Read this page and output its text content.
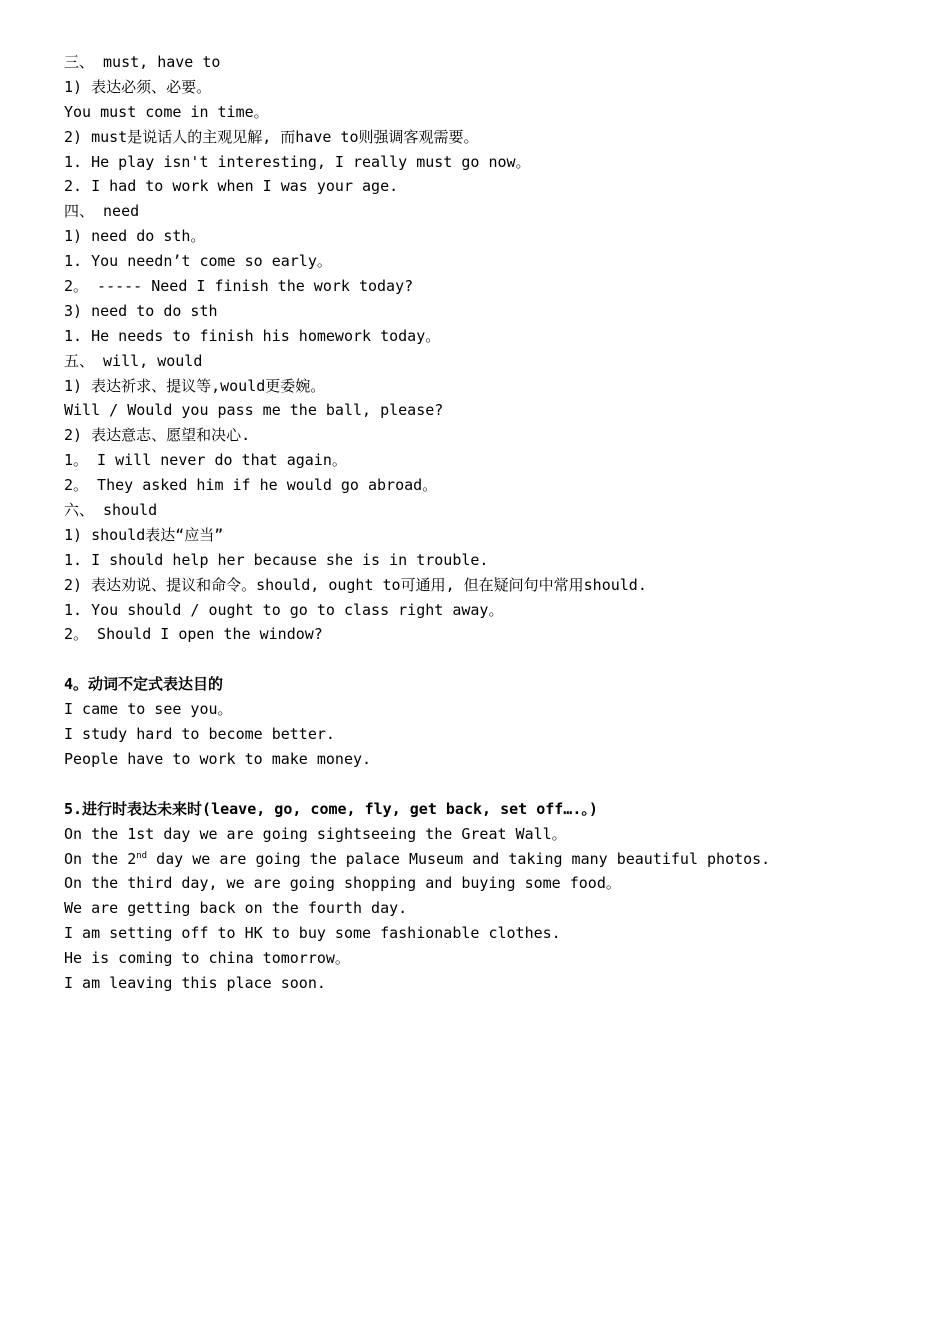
三、 must, have to
1) 表达必须、必要。
You must come in time。
2) must是说话人的主观见解, 而have to则强调客观需要。
1. He play isn't interesting, I really must go now。
2. I had to work when I was your age.
四、 need
1) need do sth。
1. You needn’t come so early。
2。 ----- Need I finish the work today?
3) need to do sth
1. He needs to finish his homework today。
五、 will, would
1) 表达祈求、提议等,would更委婉。
Will / Would you pass me the ball, please?
2) 表达意志、愿望和决心.
1。 I will never do that again。
2。 They asked him if he would go abroad。
六、 should
1) should表达“应当”
1. I should help her because she is in trouble.
2) 表达劝说、提议和命令。should, ought to可通用, 但在疑问句中常用should.
1. You should / ought to go to class right away。
2。 Should I open the window?
4。动词不定式表达目的
I came to see you。
I study hard to become better.
People have to work to make money.
5.进行时表达未来时(leave, go, come, fly, get back, set off….。)
On the 1st day we are going sightseeing the Great Wall。
On the 2nd day we are going the palace Museum and taking many beautiful photos.
On the third day, we are going shopping and buying some food。
We are getting back on the fourth day.
I am setting off to HK to buy some fashionable clothes.
He is coming to china tomorrow。
I am leaving this place soon.
